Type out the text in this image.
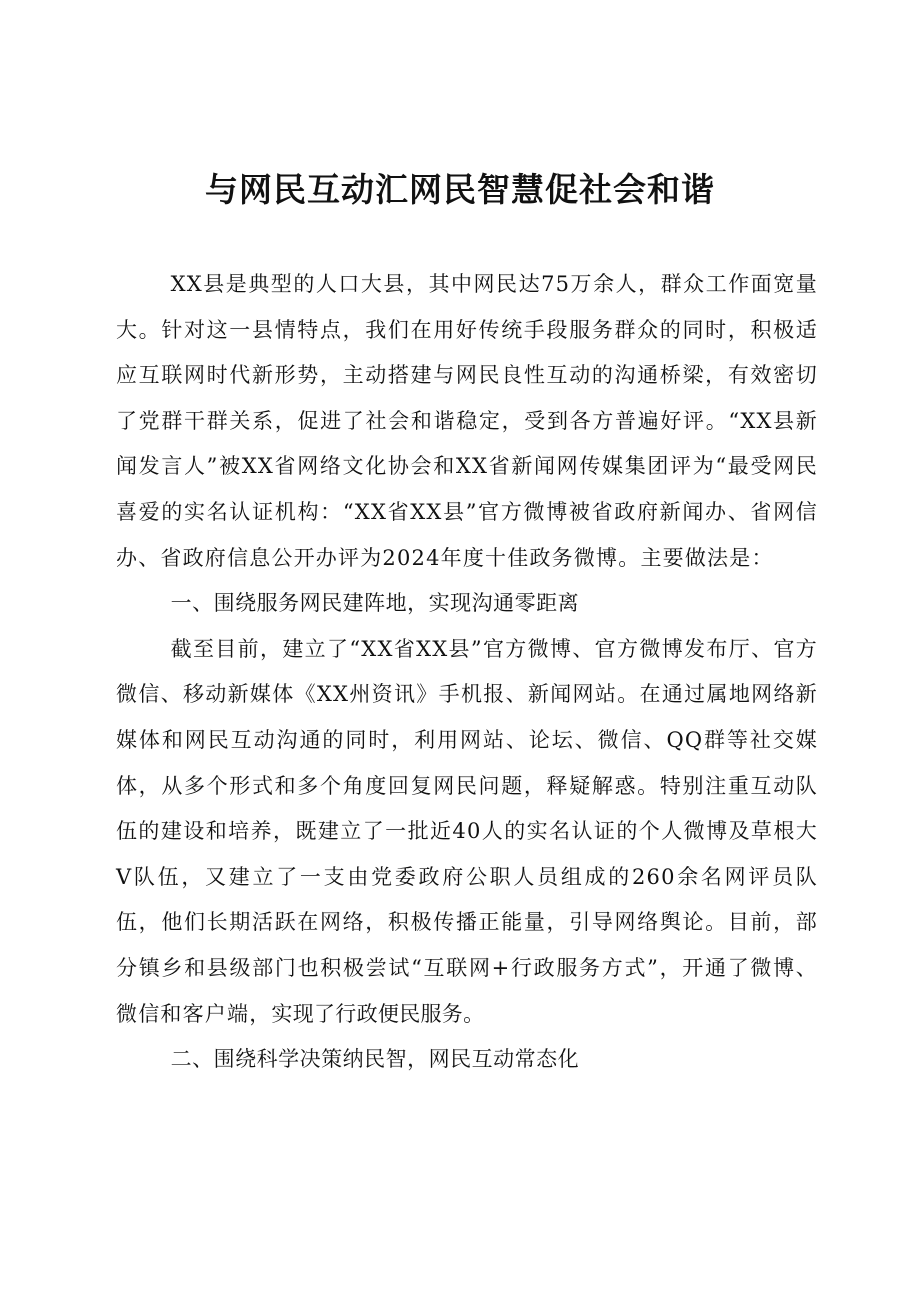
与网民互动汇网民智慧促社会和谐

XX县是典型的人口大县，其中网民达75万余人，群众工作面宽量大。针对这一县情特点，我们在用好传统手段服务群众的同时，积极适应互联网时代新形势，主动搭建与网民良性互动的沟通桥梁，有效密切了党群干群关系，促进了社会和谐稳定，受到各方普遍好评。“XX县新闻发言人”被XX省网络文化协会和XX省新闻网传媒集团评为“最受网民喜爱的实名认证机构：“XX省XX县”官方微博被省政府新闻办、省网信办、省政府信息公开办评为2024年度十佳政务微博。主要做法是：

一、围绕服务网民建阵地，实现沟通零距离

截至目前，建立了“XX省XX县”官方微博、官方微博发布厅、官方微信、移动新媒体《XX州资讯》手机报、新闻网站。在通过属地网络新媒体和网民互动沟通的同时，利用网站、论坛、微信、QQ群等社交媒体，从多个形式和多个角度回复网民问题，释疑解惑。特别注重互动队伍的建设和培养，既建立了一批近40人的实名认证的个人微博及草根大V队伍，又建立了一支由党委政府公职人员组成的260余名网评员队伍，他们长期活跃在网络，积极传播正能量，引导网络舆论。目前，部分镇乡和县级部门也积极尝试“互联网+行政服务方式”，开通了微博、微信和客户端，实现了行政便民服务。

二、围绕科学决策纳民智，网民互动常态化
